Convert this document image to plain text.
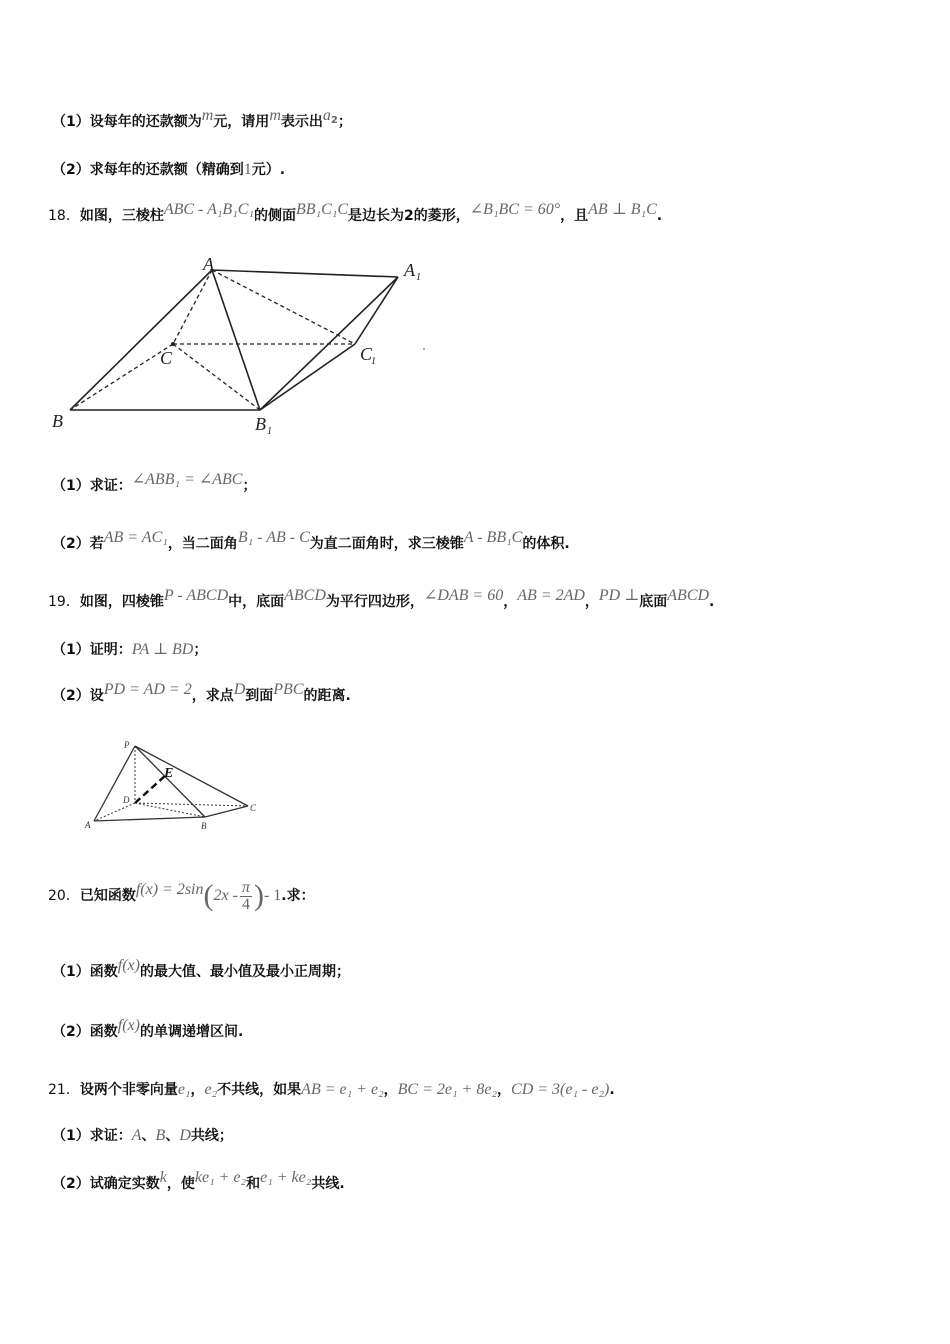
（1）设每年的还款额为m元，请用m表示出$a^2$；
（2）求每年的还款额（精确到1元）.
18．如图，三棱柱ABC - A₁B₁C₁的侧面BB₁C₁C是边长为2的菱形，∠B₁BC = 60°，且AB ⊥ B₁C.
A	A 1
C	C
1
B	B 1
（1）求证：∠ABB₁ = ∠ABC；
（2）若AB = AC₁，当二面角B₁ - AB - C为直二面角时，求三棱锥A - BB₁C的体积.
19．如图，四棱锥P - ABCD中，底面ABCD为平行四边形，∠DAB = 60，AB = 2AD，PD ⊥底面ABCD.
（1）证明：PA ⊥ BD；
（2）设PD = AD = 2，求点D到面PBC的距离.
P
E
D
C
A	B
20．已知函数$f(x) = 2\sin(2x - \frac{\pi}{4}$ )- 1.求：
（1）函数f(x)的最大值、最小值及最小正周期；
（2）函数f(x)的单调递增区间.
21．设两个非零向量e₁，e₂不共线，如果AB = e₁ + e₂，BC = 2e₁ + 8e₂，CD = 3(e₁ - e₂).
（1）求证：A、B、D共线；
（2）试确定实数k，使ke₁ + e₂和e₁ + ke₂共线.
